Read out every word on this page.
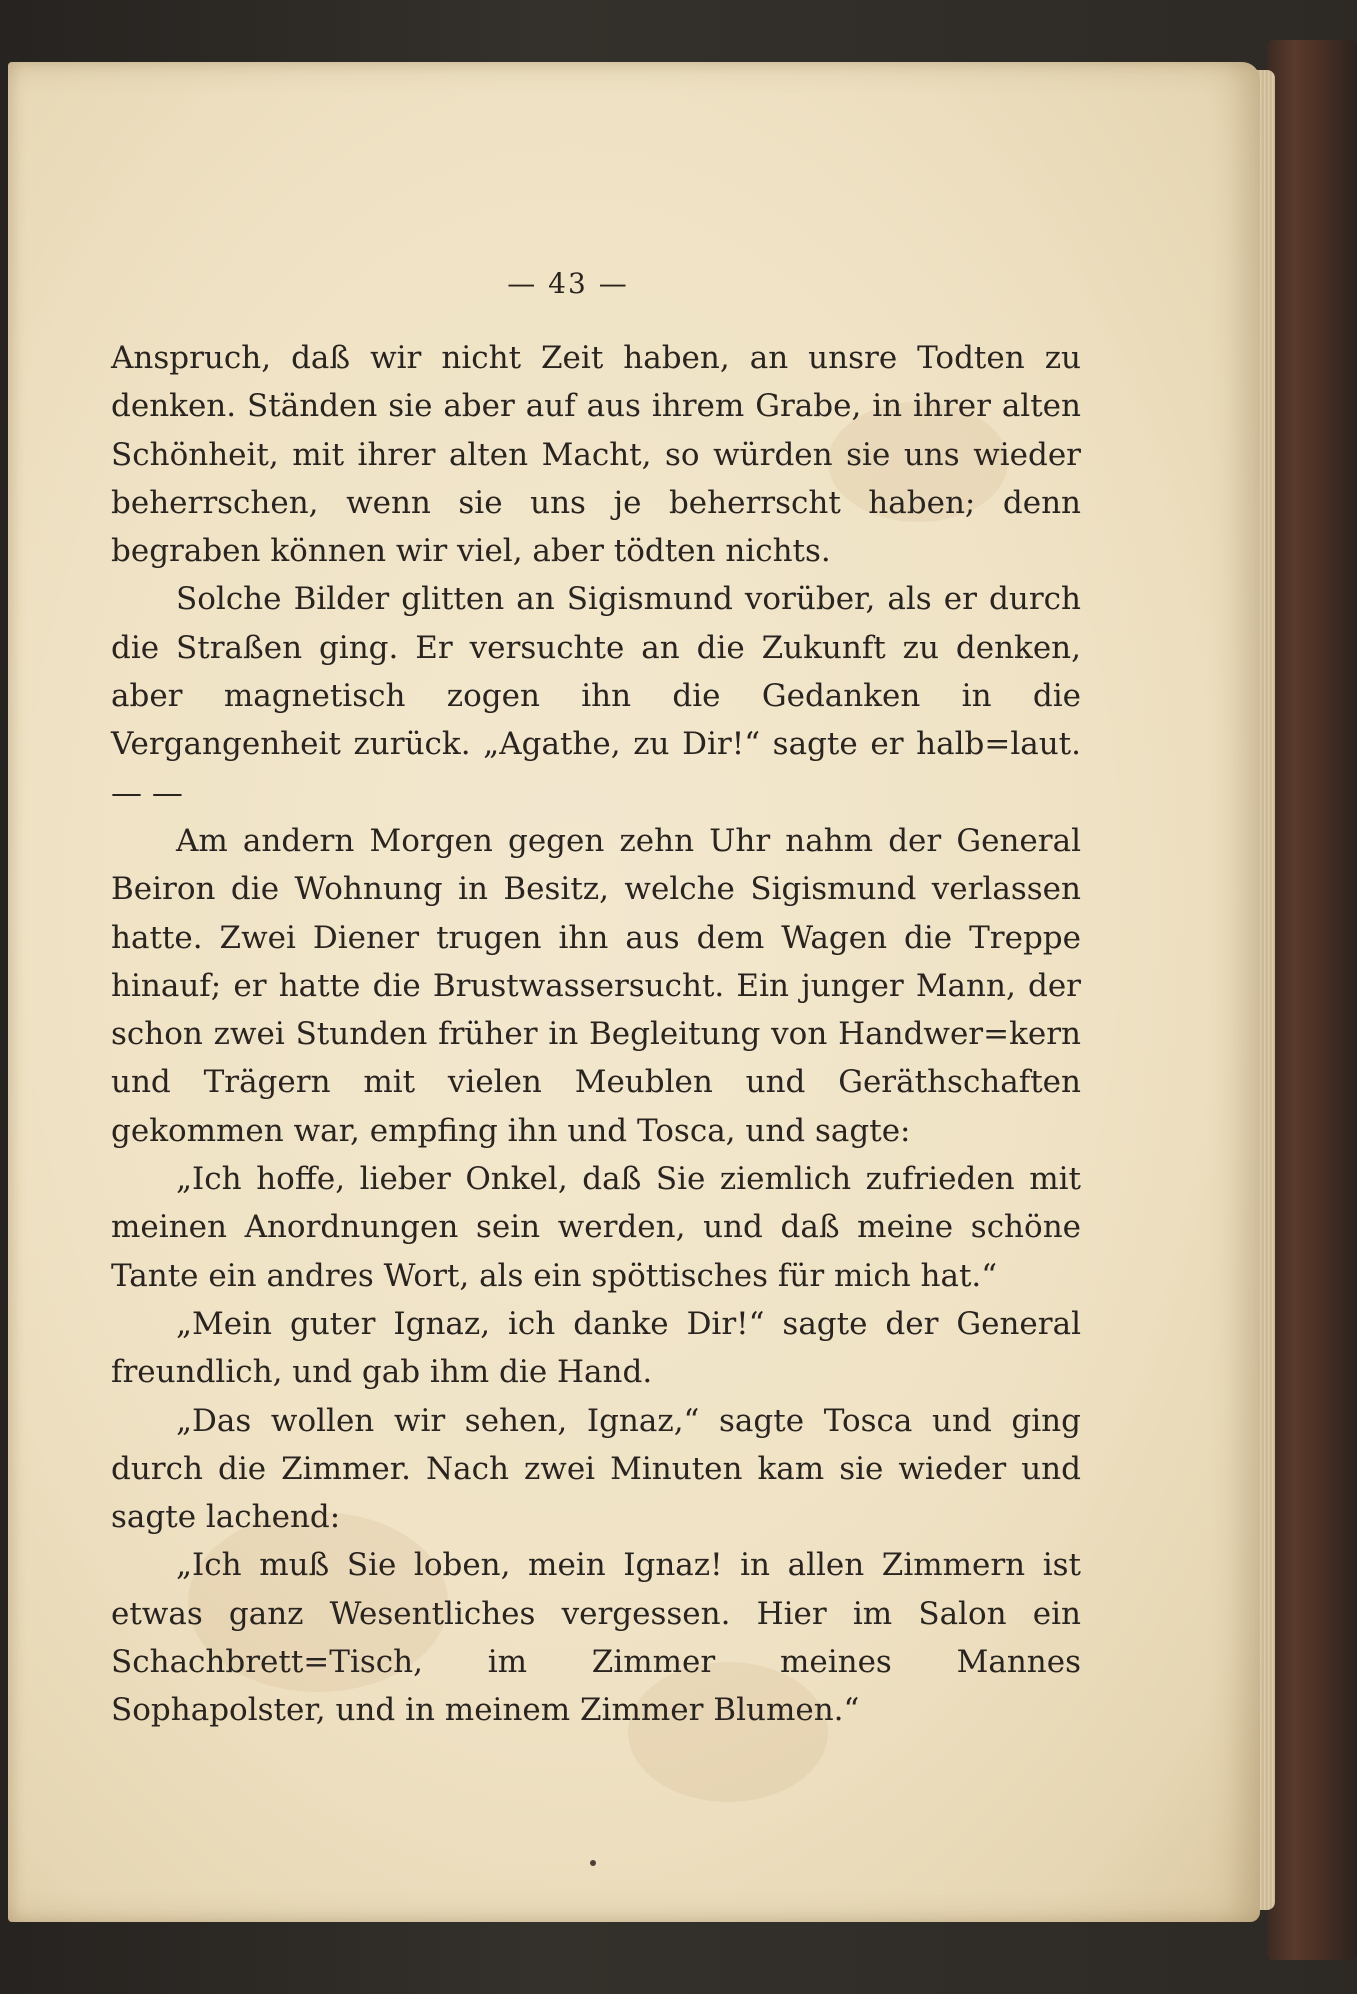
— 43 —

Anspruch, daß wir nicht Zeit haben, an unsre Todten zu denken. Ständen sie aber auf aus ihrem Grabe, in ihrer alten Schönheit, mit ihrer alten Macht, so würden sie uns wieder beherrschen, wenn sie uns je beherrscht haben; denn begraben können wir viel, aber tödten nichts.

Solche Bilder glitten an Sigismund vorüber, als er durch die Straßen ging. Er versuchte an die Zukunft zu denken, aber magnetisch zogen ihn die Gedanken in die Vergangenheit zurück. „Agathe, zu Dir!“ sagte er halb=laut. — —

Am andern Morgen gegen zehn Uhr nahm der General Beiron die Wohnung in Besitz, welche Sigismund verlassen hatte. Zwei Diener trugen ihn aus dem Wagen die Treppe hinauf; er hatte die Brustwassersucht. Ein junger Mann, der schon zwei Stunden früher in Begleitung von Handwer=kern und Trägern mit vielen Meublen und Geräthschaften gekommen war, empfing ihn und Tosca, und sagte:

„Ich hoffe, lieber Onkel, daß Sie ziemlich zufrieden mit meinen Anordnungen sein werden, und daß meine schöne Tante ein andres Wort, als ein spöttisches für mich hat.“

„Mein guter Ignaz, ich danke Dir!“ sagte der General freundlich, und gab ihm die Hand.

„Das wollen wir sehen, Ignaz,“ sagte Tosca und ging durch die Zimmer. Nach zwei Minuten kam sie wieder und sagte lachend:

„Ich muß Sie loben, mein Ignaz! in allen Zimmern ist etwas ganz Wesentliches vergessen. Hier im Salon ein Schachbrett=Tisch, im Zimmer meines Mannes Sophapolster, und in meinem Zimmer Blumen.“
